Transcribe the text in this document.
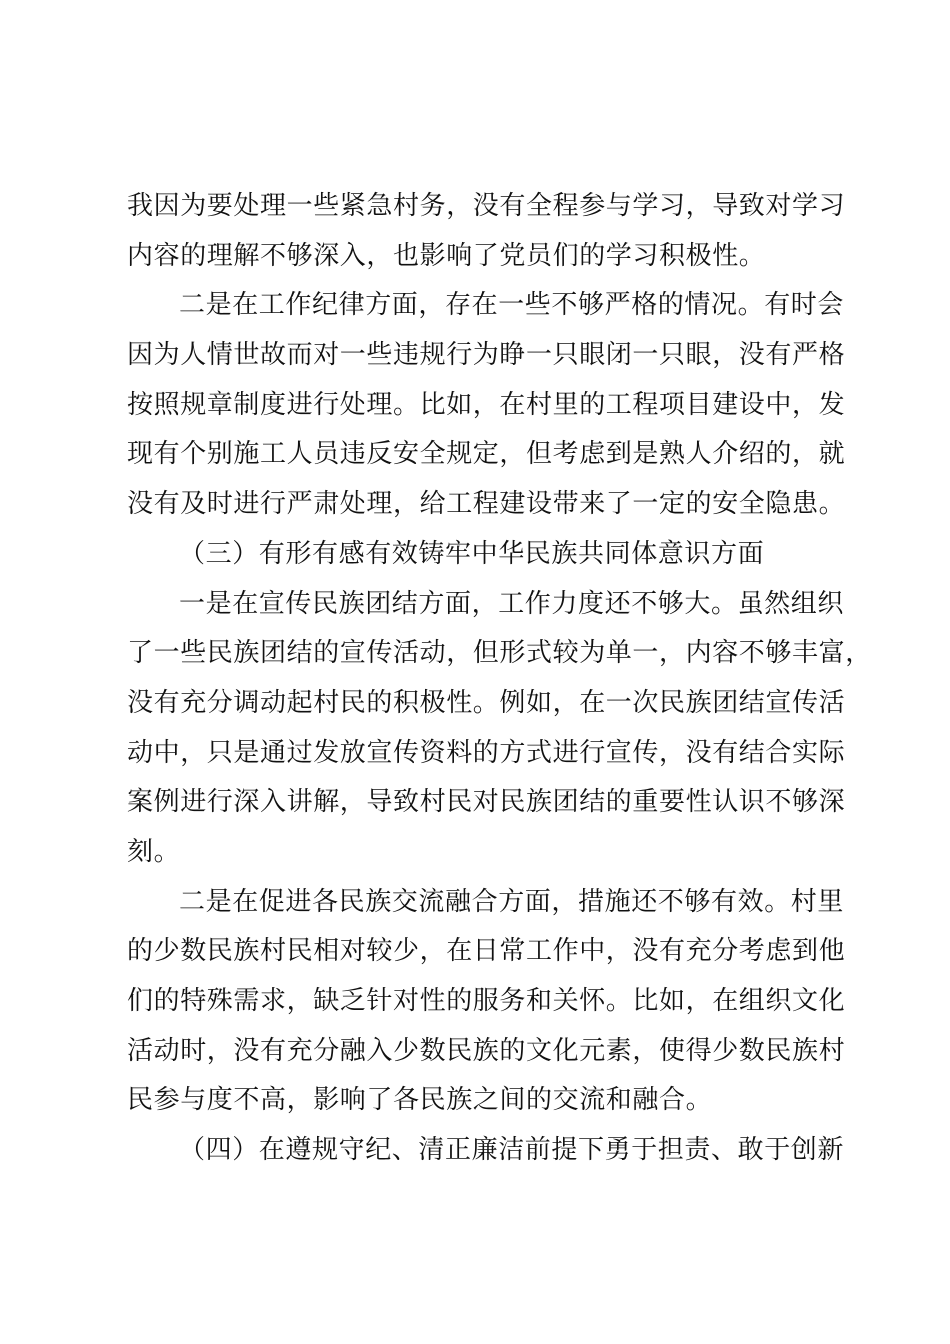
我因为要处理一些紧急村务，没有全程参与学习，导致对学习
内容的理解不够深入，也影响了党员们的学习积极性。
二是在工作纪律方面，存在一些不够严格的情况。有时会
因为人情世故而对一些违规行为睁一只眼闭一只眼，没有严格
按照规章制度进行处理。比如，在村里的工程项目建设中，发
现有个别施工人员违反安全规定，但考虑到是熟人介绍的，就
没有及时进行严肃处理，给工程建设带来了一定的安全隐患。
（三）有形有感有效铸牢中华民族共同体意识方面
一是在宣传民族团结方面，工作力度还不够大。虽然组织
了一些民族团结的宣传活动，但形式较为单一，内容不够丰富，
没有充分调动起村民的积极性。例如，在一次民族团结宣传活
动中，只是通过发放宣传资料的方式进行宣传，没有结合实际
案例进行深入讲解，导致村民对民族团结的重要性认识不够深
刻。
二是在促进各民族交流融合方面，措施还不够有效。村里
的少数民族村民相对较少，在日常工作中，没有充分考虑到他
们的特殊需求，缺乏针对性的服务和关怀。比如，在组织文化
活动时，没有充分融入少数民族的文化元素，使得少数民族村
民参与度不高，影响了各民族之间的交流和融合。
（四）在遵规守纪、清正廉洁前提下勇于担责、敢于创新
